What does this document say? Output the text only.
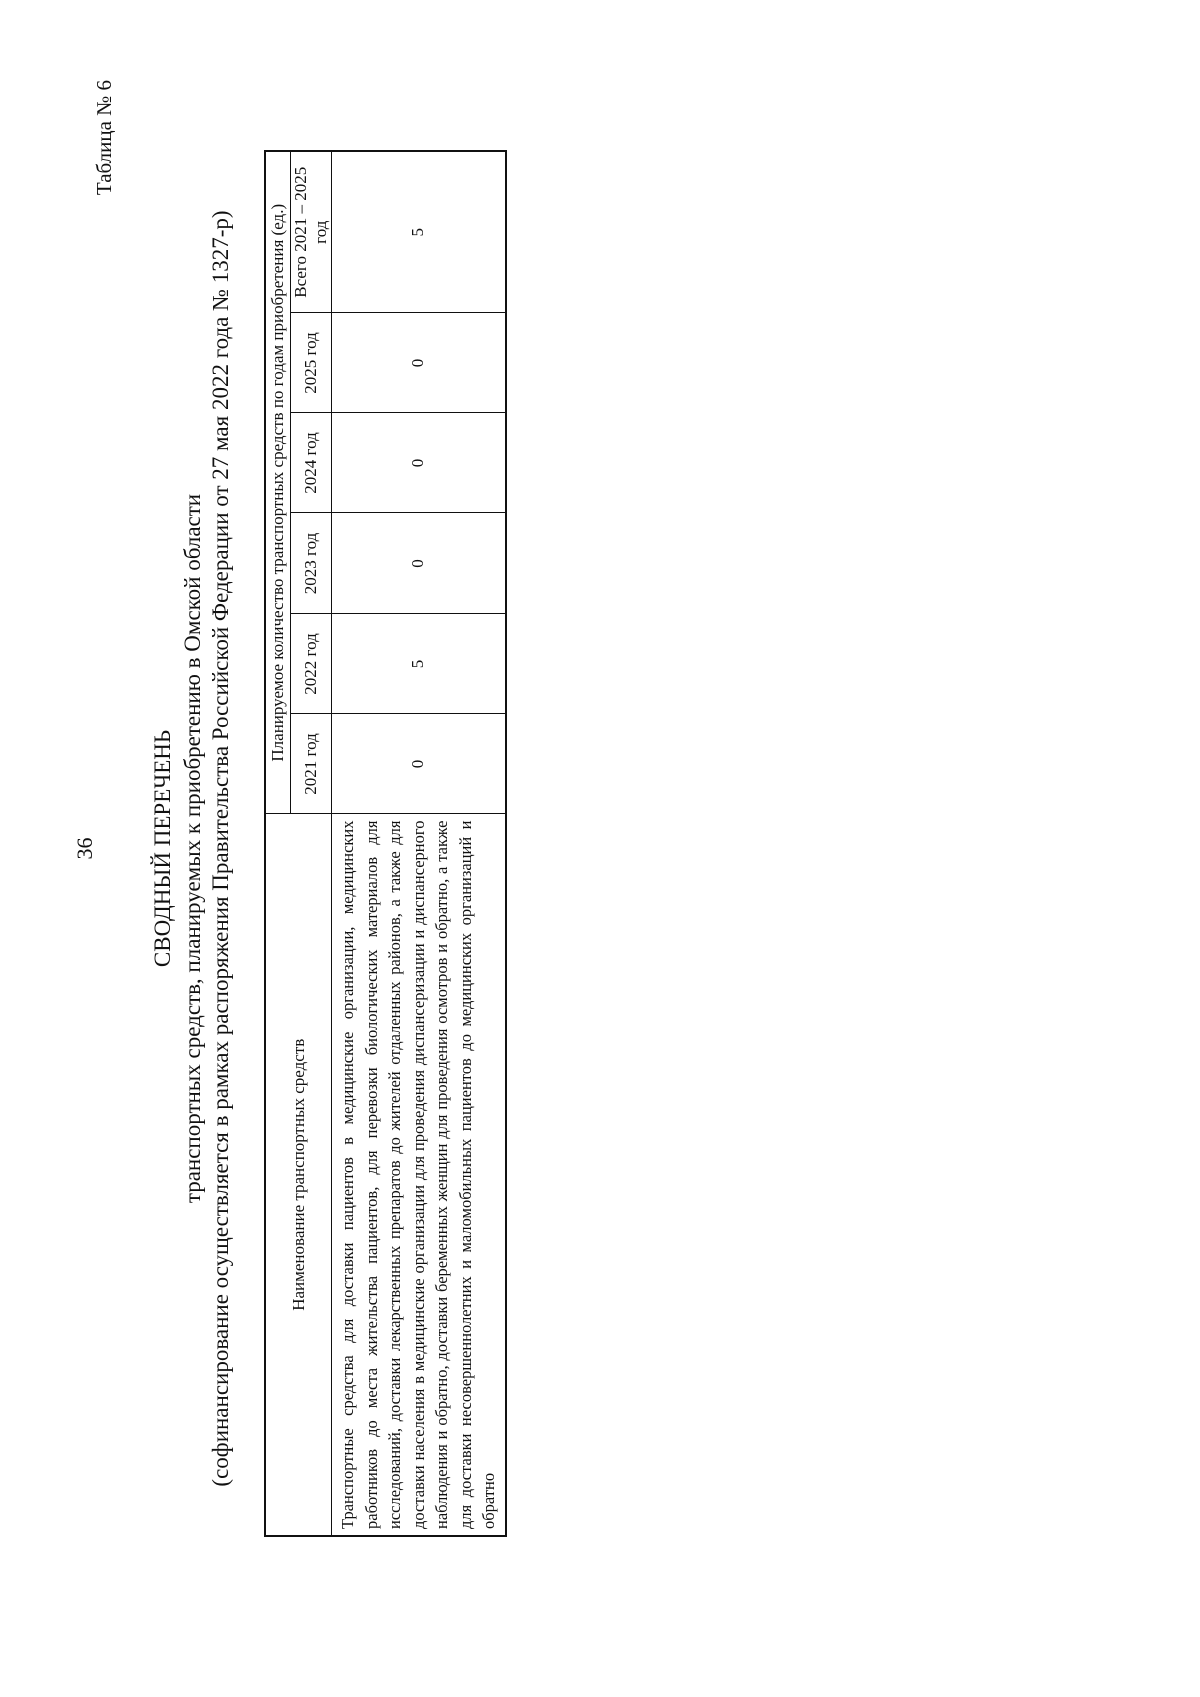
36
Таблица № 6
СВОДНЫЙ ПЕРЕЧЕНЬ транспортных средств, планируемых к приобретению в Омской области (софинансирование осуществляется в рамках распоряжения Правительства Российской Федерации от 27 мая 2022 года № 1327-р)	Наименование транспортных средств	Планируемое количество транспортных средств по годам приобретения (ед.)					
	2021 год	2022 год	2023 год	2024 год	2025 год	Всего 2021 – 2025 год
Транспортные средства для доставки пациентов в медицинские организации, медицинских работников до места жительства пациентов, для перевозки биологических материалов для исследований, доставки лекарственных препаратов до жителей отдаленных районов, а также для доставки населения в медицинские организации для проведения диспансеризации и диспансерного наблюдения и обратно, доставки беременных женщин для проведения осмотров и обратно, а также для доставки несовершеннолетних и маломобильных пациентов до медицинских организаций и обратно	0	5	0	0	0	5
